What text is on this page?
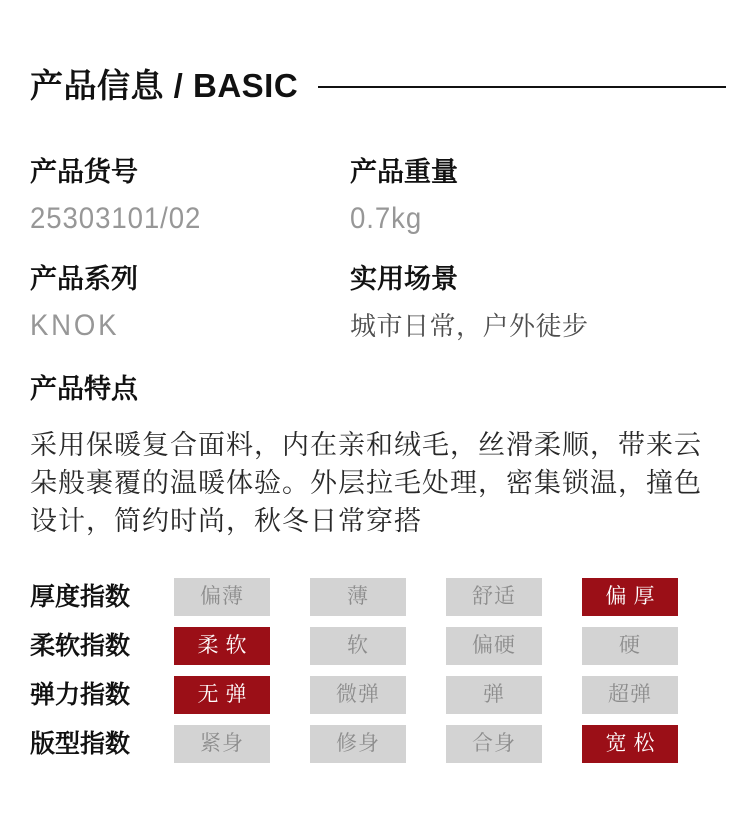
产品信息 / BASIC
产品货号
25303101/02
产品重量
0.7kg
产品系列
KNOK
实用场景
城市日常，户外徒步
产品特点
采用保暖复合面料，内在亲和绒毛，丝滑柔顺，带来云
朵般裹覆的温暖体验。外层拉毛处理，密集锁温，撞色
设计，简约时尚，秋冬日常穿搭
厚度指数	偏薄	薄	舒适	偏厚
柔软指数	柔软	软	偏硬	硬
弹力指数	无弹	微弹	弹	超弹
版型指数	紧身	修身	合身	宽松
